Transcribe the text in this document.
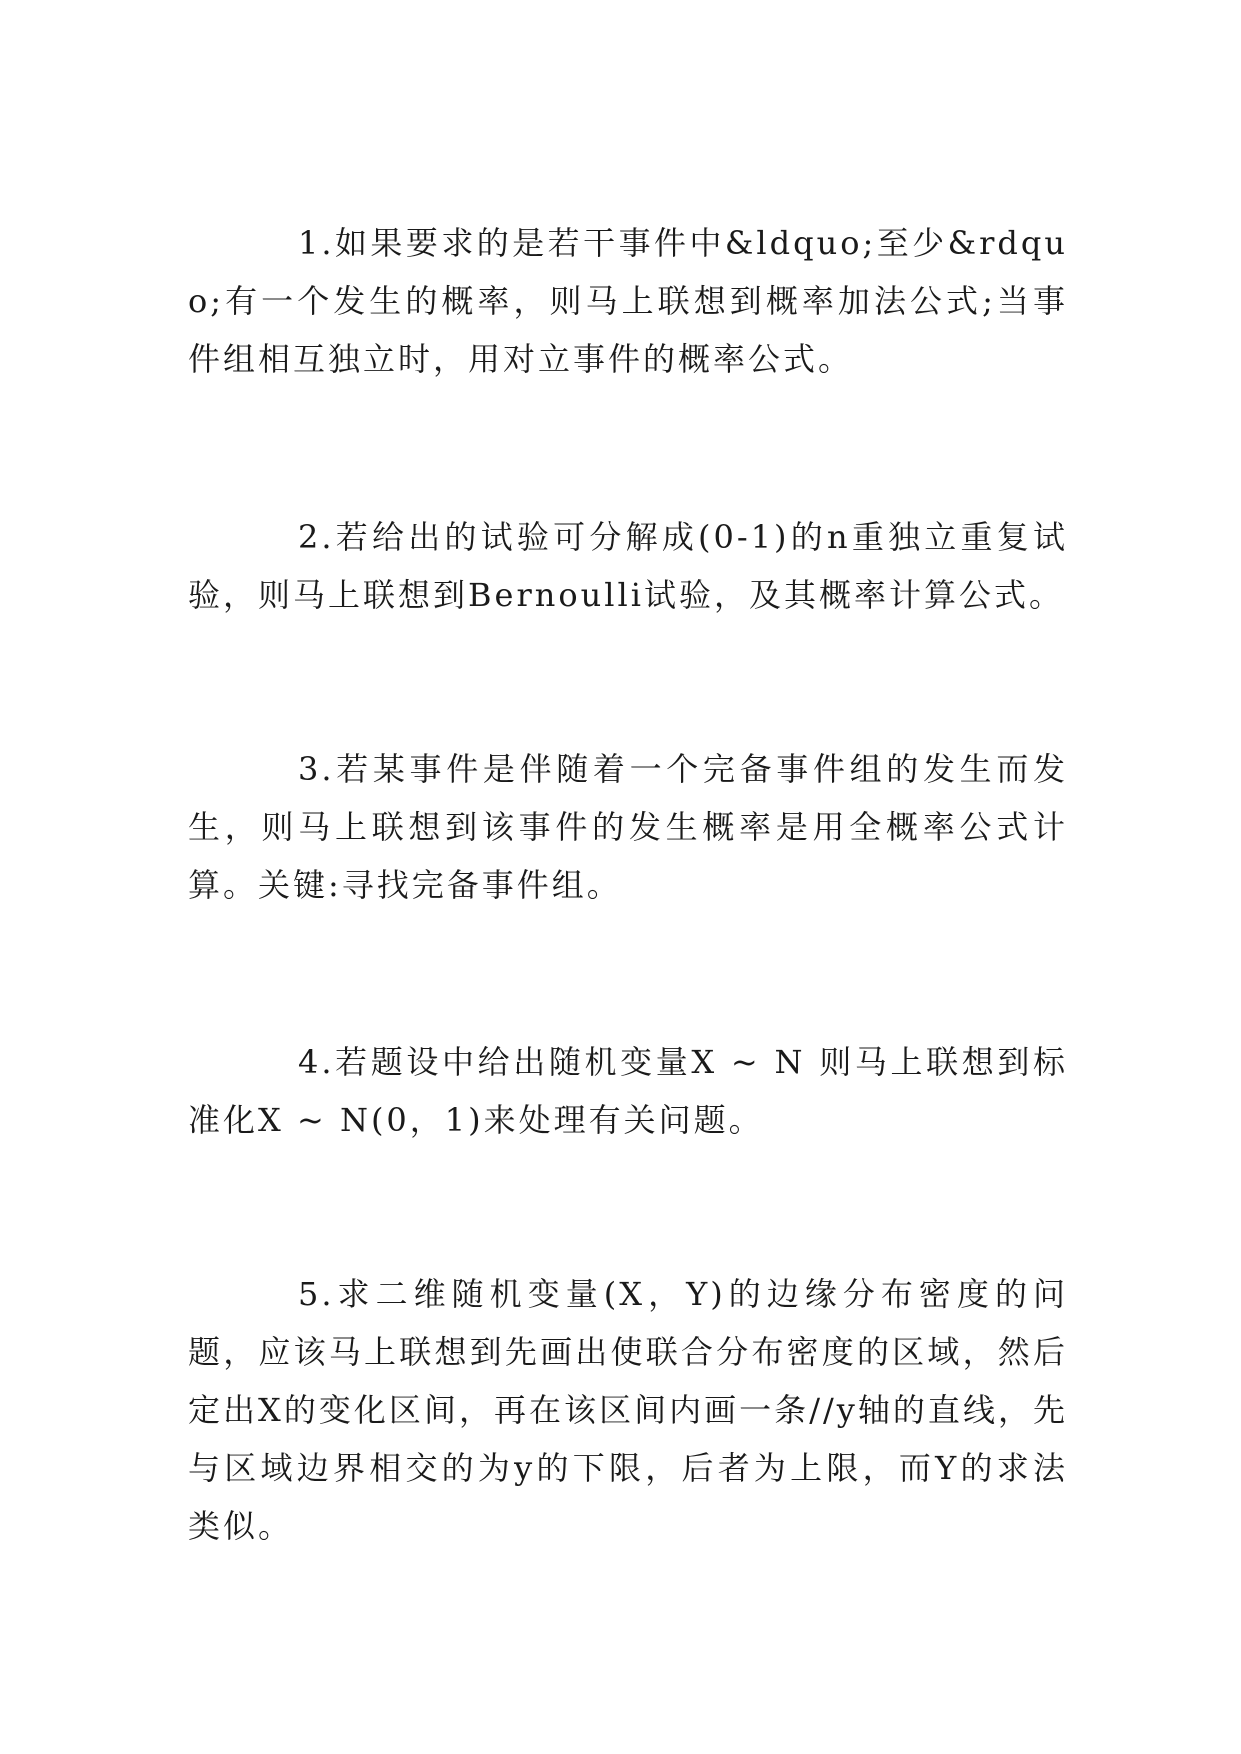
1.如果要求的是若干事件中&ldquo;至少&rdquo;有一个发生的概率，则马上联想到概率加法公式;当事件组相互独立时，用对立事件的概率公式。

2.若给出的试验可分解成(0-1)的n重独立重复试验，则马上联想到Bernoulli试验，及其概率计算公式。

3.若某事件是伴随着一个完备事件组的发生而发生，则马上联想到该事件的发生概率是用全概率公式计算。关键:寻找完备事件组。

4.若题设中给出随机变量X ~ N 则马上联想到标准化X ~ N(0，1)来处理有关问题。

5.求二维随机变量(X，Y)的边缘分布密度的问题，应该马上联想到先画出使联合分布密度的区域，然后定出X的变化区间，再在该区间内画一条//y轴的直线，先与区域边界相交的为y的下限，后者为上限，而Y的求法类似。
